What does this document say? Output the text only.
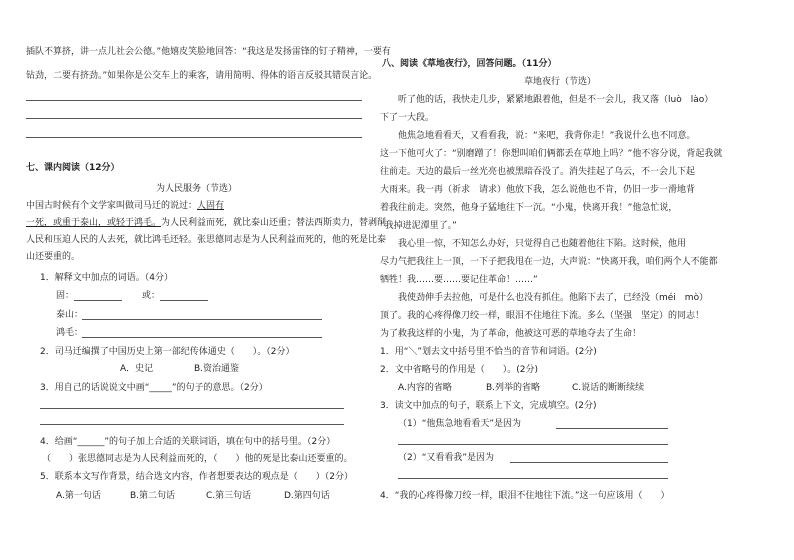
插队不算挤，讲一点儿社会公德。”他嬉皮笑脸地回答：“我这是发扬雷锋的钉子精神，一要有
钻劲，二要有挤劲。”如果你是公交车上的乘客，请用简明、得体的语言反驳其错误言论。
七、课内阅读（12分）
为人民服务（节选）
中国古时候有个文学家叫做司马迁的说过：人固有
一死，或重于泰山，或轻于鸿毛。为人民利益而死，就比泰山还重；替法西斯卖力，替剥削
人民和压迫人民的人去死，就比鸿毛还轻。张思德同志是为人民利益而死的，他的死是比泰
山还要重的。
1．解释文中加点的词语。（4分）
固：	或：
泰山：
鸿毛：
2．司马迁编撰了中国历史上第一部纪传体通史（　　）。（2分）
A．史记	B.资治通鉴
3．用自己的话说说文中画“_____”的句子的意思。（2分）
4．给画“______”的句子加上合适的关联词语，填在句中的括号里。（2分）
（　　）张思德同志是为人民利益而死的，（　　）他的死是比泰山还要重的。
5．联系本文写作背景，结合选文内容，作者想要表达的观点是（　　）（2分）
A.第一句话	B.第二句话	C.第三句话	D.第四句话
八、阅读《草地夜行》，回答问题。（11分）
草地夜行（节选）
听了他的话，我快走几步，紧紧地跟着他，但是不一会儿，我又落（luò　lào）
下了一大段。
他焦急地看看天，又看看我，说：“来吧，我背你走！”我说什么也不同意。
这一下他可火了：“别磨蹭了！你想叫咱们俩都丢在草地上吗？”他不容分说，背起我就
往前走。天边的最后一丝光亮也被黑暗吞没了。消失挂起了乌云，不一会儿下起
大雨来。我一再（祈求　请求）他放下我，怎么说他也不肯，仍旧一步一滑地背
着我往前走。突然，他身子猛地往下一沉。“小鬼，快离开我！”他急忙说，
“我掉进泥潭里了。”
我心里一惊，不知怎么办好，只觉得自己也随着他往下陷。这时候，他用
尽力气把我往上一顶，一下子把我甩在一边，大声说：“快离开我，咱们两个人不能都
牺牲！我……要……要记住革命！……”
我使劲伸手去拉他，可是什么也没有抓住。他陷下去了，已经没（méi　mò）
顶了。我的心疼得像刀绞一样，眼泪不住地往下流。多么（坚强　坚定）的同志！
为了救我这样的小鬼，为了革命，他被这可恶的草地夺去了生命！
1．用“＼”划去文中括号里不恰当的音节和词语。(2分)
2．文中省略号的作用是（　　）。(2分)
A.内容的省略	B.列举的省略	C.说话的断断续续
3．读文中加点的句子，联系上下文，完成填空。(2分)
（1）“他焦急地看看天”是因为
（2）“又看看我”是因为
4．“我的心疼得像刀绞一样，眼泪不住地往下流。”这一句应该用（　　）
